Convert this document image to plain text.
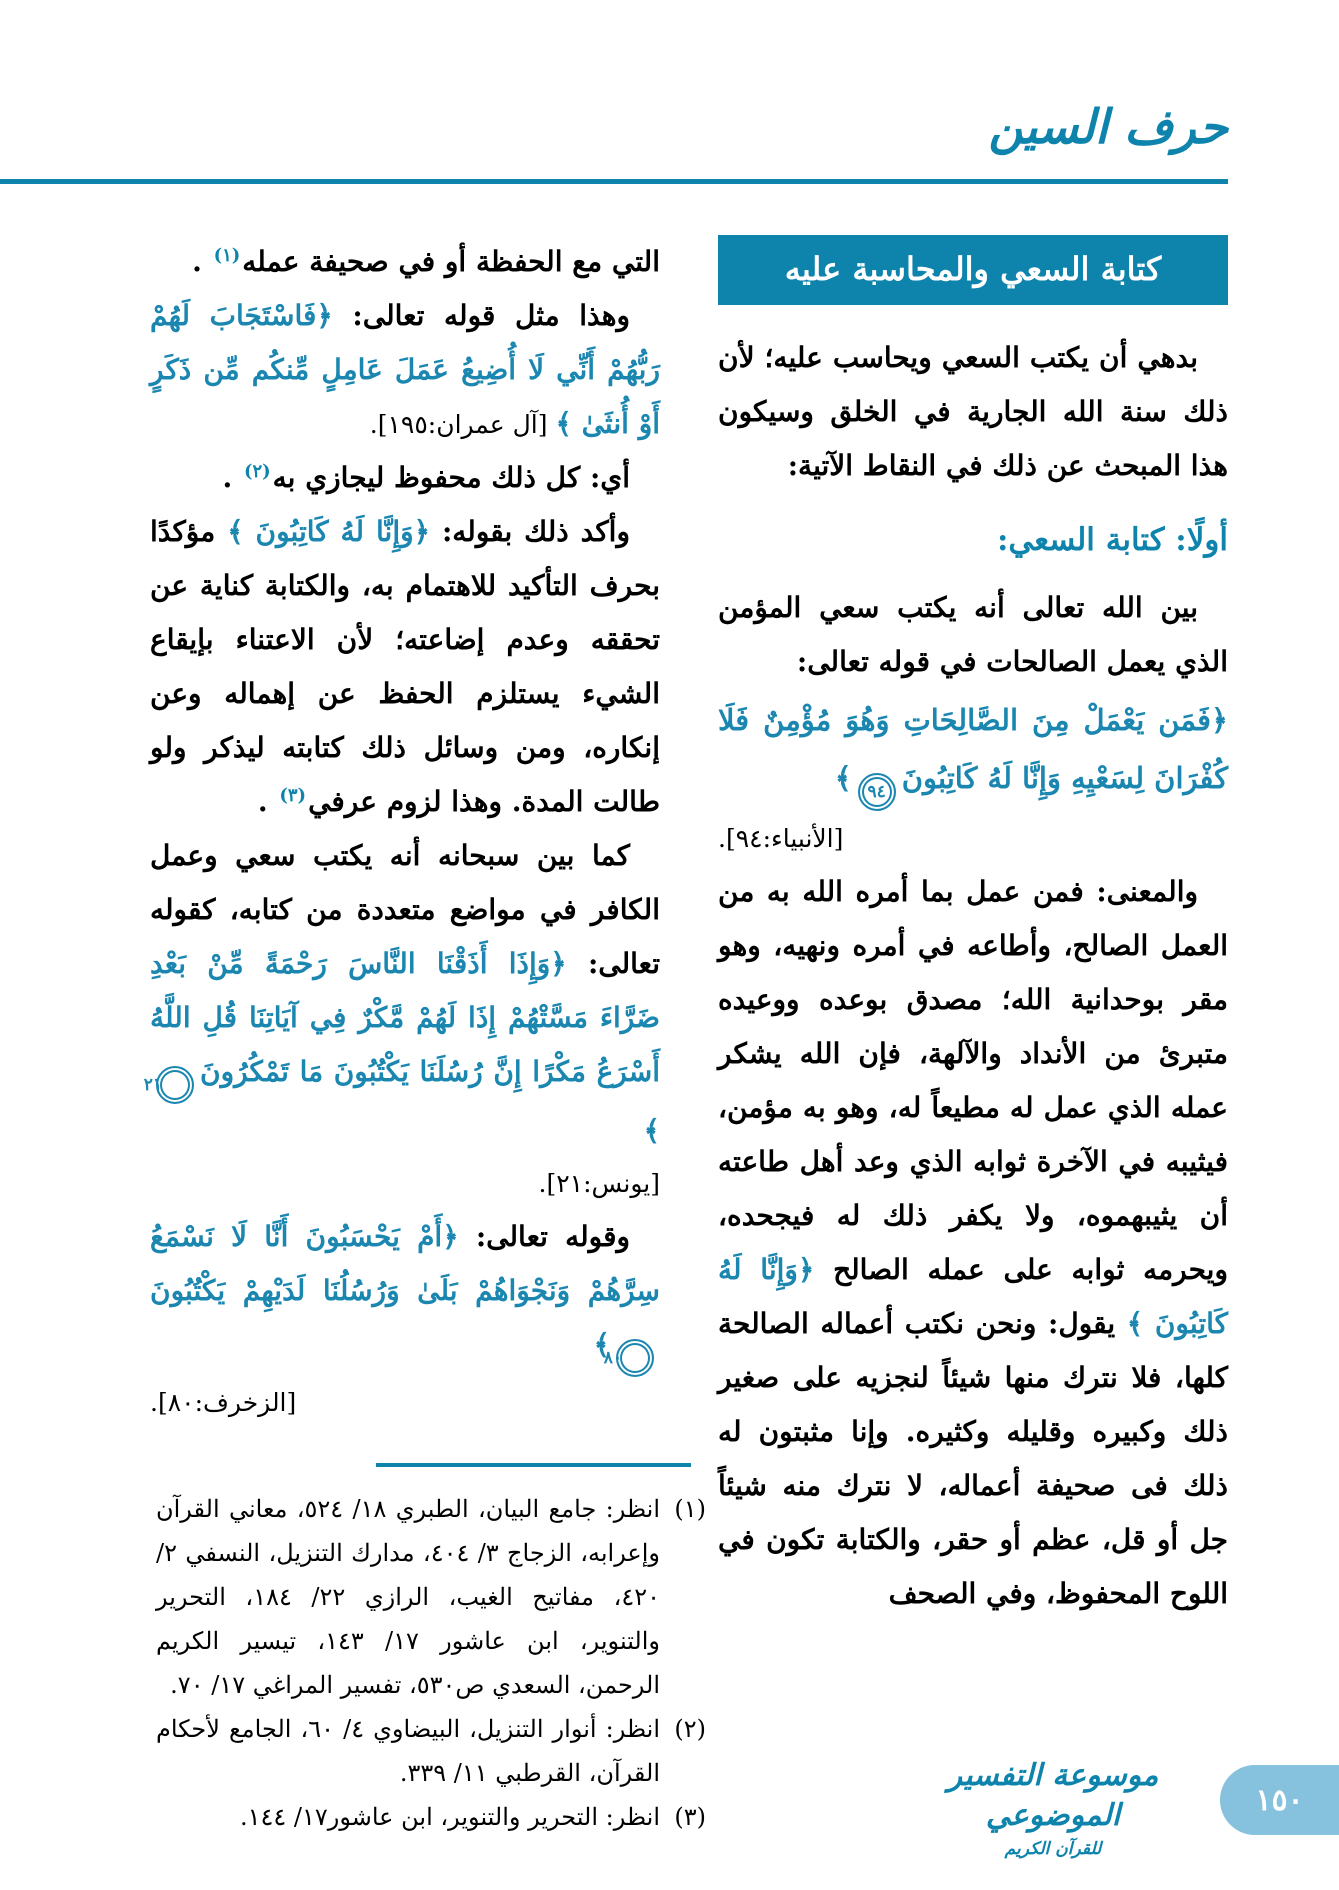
حرف السين
كتابة السعي والمحاسبة عليه

بدهي أن يكتب السعي ويحاسب عليه؛ لأن ذلك سنة الله الجارية في الخلق وسيكون هذا المبحث عن ذلك في النقاط الآتية:

أولًا: كتابة السعي:

بين الله تعالى أنه يكتب سعي المؤمن الذي يعمل الصالحات في قوله تعالى:

﴿فَمَن يَعْمَلْ مِنَ الصَّالِحَاتِ وَهُوَ مُؤْمِنٌ فَلَا كُفْرَانَ لِسَعْيِهِ وَإِنَّا لَهُ كَاتِبُونَ٩٤﴾

[الأنبياء:٩٤].

والمعنى: فمن عمل بما أمره الله به من العمل الصالح، وأطاعه في أمره ونهيه، وهو مقر بوحدانية الله؛ مصدق بوعده ووعيده متبرئ من الأنداد والآلهة، فإن الله يشكر عمله الذي عمل له مطيعاً له، وهو به مؤمن، فيثيبه في الآخرة ثوابه الذي وعد أهل طاعته أن يثيبهموه، ولا يكفر ذلك له فيجحده، ويحرمه ثوابه على عمله الصالح ﴿وَإِنَّا لَهُ كَاتِبُونَ ﴾ يقول: ونحن نكتب أعماله الصالحة كلها، فلا نترك منها شيئاً لنجزيه على صغير ذلك وكبيره وقليله وكثيره. وإنا مثبتون له ذلك فى صحيفة أعماله، لا نترك منه شيئاً جل أو قل، عظم أو حقر، والكتابة تكون في اللوح المحفوظ، وفي الصحف

التي مع الحفظة أو في صحيفة عمله$^{(١)}$ .

وهذا مثل قوله تعالى: ﴿فَاسْتَجَابَ لَهُمْ رَبُّهُمْ أَنِّي لَا أُضِيعُ عَمَلَ عَامِلٍ مِّنكُم مِّن ذَكَرٍ أَوْ أُنثَىٰ ﴾ [آل عمران:١٩٥].

أي: كل ذلك محفوظ ليجازي به$^{(٢)}$ .

وأكد ذلك بقوله: ﴿وَإِنَّا لَهُ كَاتِبُونَ ﴾ مؤكدًا بحرف التأكيد للاهتمام به، والكتابة كناية عن تحققه وعدم إضاعته؛ لأن الاعتناء بإيقاع الشيء يستلزم الحفظ عن إهماله وعن إنكاره، ومن وسائل ذلك كتابته ليذكر ولو طالت المدة. وهذا لزوم عرفي$^{(٣)}$ .

كما بين سبحانه أنه يكتب سعي وعمل الكافر في مواضع متعددة من كتابه، كقوله تعالى: ﴿وَإِذَا أَذَقْنَا النَّاسَ رَحْمَةً مِّنْ بَعْدِ ضَرَّاءَ مَسَّتْهُمْ إِذَا لَهُمْ مَّكْرٌ فِي آيَاتِنَا قُلِ اللَّهُ أَسْرَعُ مَكْرًا إِنَّ رُسُلَنَا يَكْتُبُونَ مَا تَمْكُرُونَ٢١﴾

[يونس:٢١].

وقوله تعالى: ﴿أَمْ يَحْسَبُونَ أَنَّا لَا نَسْمَعُ سِرَّهُمْ وَنَجْوَاهُمْ بَلَىٰ وَرُسُلُنَا لَدَيْهِمْ يَكْتُبُونَ٨٠﴾

[الزخرف:٨٠].

(١)
انظر: جامع البيان، الطبري ١٨/ ٥٢٤، معاني القرآن وإعرابه، الزجاج ٣/ ٤٠٤، مدارك التنزيل، النسفي ٢/ ٤٢٠، مفاتيح الغيب، الرازي ٢٢/ ١٨٤، التحرير والتنوير، ابن عاشور ١٧/ ١٤٣، تيسير الكريم الرحمن، السعدي ص٥٣٠، تفسير المراغي ١٧/ ٧٠.
(٢)
انظر: أنوار التنزيل، البيضاوي ٤/ ٦٠، الجامع لأحكام القرآن، القرطبي ١١/ ٣٣٩.
(٣)
انظر: التحرير والتنوير، ابن عاشور١٧/ ١٤٤.
موسوعة التفسير الموضوعي
للقرآن الكريم
١٥٠
